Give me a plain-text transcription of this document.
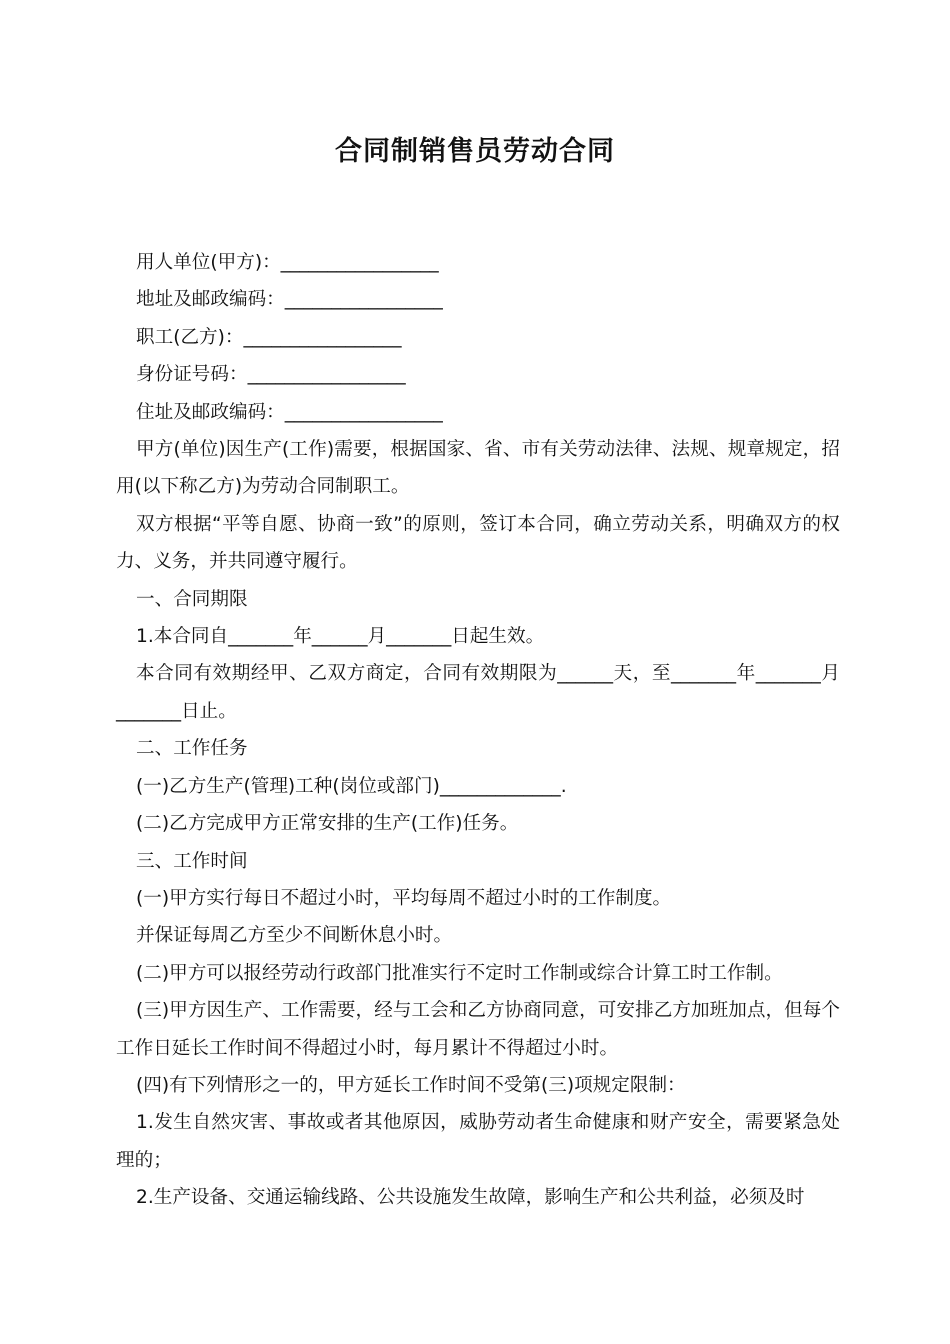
合同制销售员劳动合同

用人单位(甲方)：_________________

地址及邮政编码：_________________

职工(乙方)：_________________

身份证号码：_________________

住址及邮政编码：_________________

甲方(单位)因生产(工作)需要，根据国家、省、市有关劳动法律、法规、规章规定，招用(以下称乙方)为劳动合同制职工。

双方根据“平等自愿、协商一致”的原则，签订本合同，确立劳动关系，明确双方的权力、义务，并共同遵守履行。

一、合同期限

1.本合同自_______年______月_______日起生效。

本合同有效期经甲、乙双方商定，合同有效期限为______天，至_______年_______月_______日止。

二、工作任务

(一)乙方生产(管理)工种(岗位或部门)_____________.

(二)乙方完成甲方正常安排的生产(工作)任务。

三、工作时间

(一)甲方实行每日不超过小时，平均每周不超过小时的工作制度。

并保证每周乙方至少不间断休息小时。

(二)甲方可以报经劳动行政部门批准实行不定时工作制或综合计算工时工作制。

(三)甲方因生产、工作需要，经与工会和乙方协商同意，可安排乙方加班加点，但每个工作日延长工作时间不得超过小时，每月累计不得超过小时。

(四)有下列情形之一的，甲方延长工作时间不受第(三)项规定限制：

1.发生自然灾害、事故或者其他原因，威胁劳动者生命健康和财产安全，需要紧急处理的；

2.生产设备、交通运输线路、公共设施发生故障，影响生产和公共利益，必须及时
